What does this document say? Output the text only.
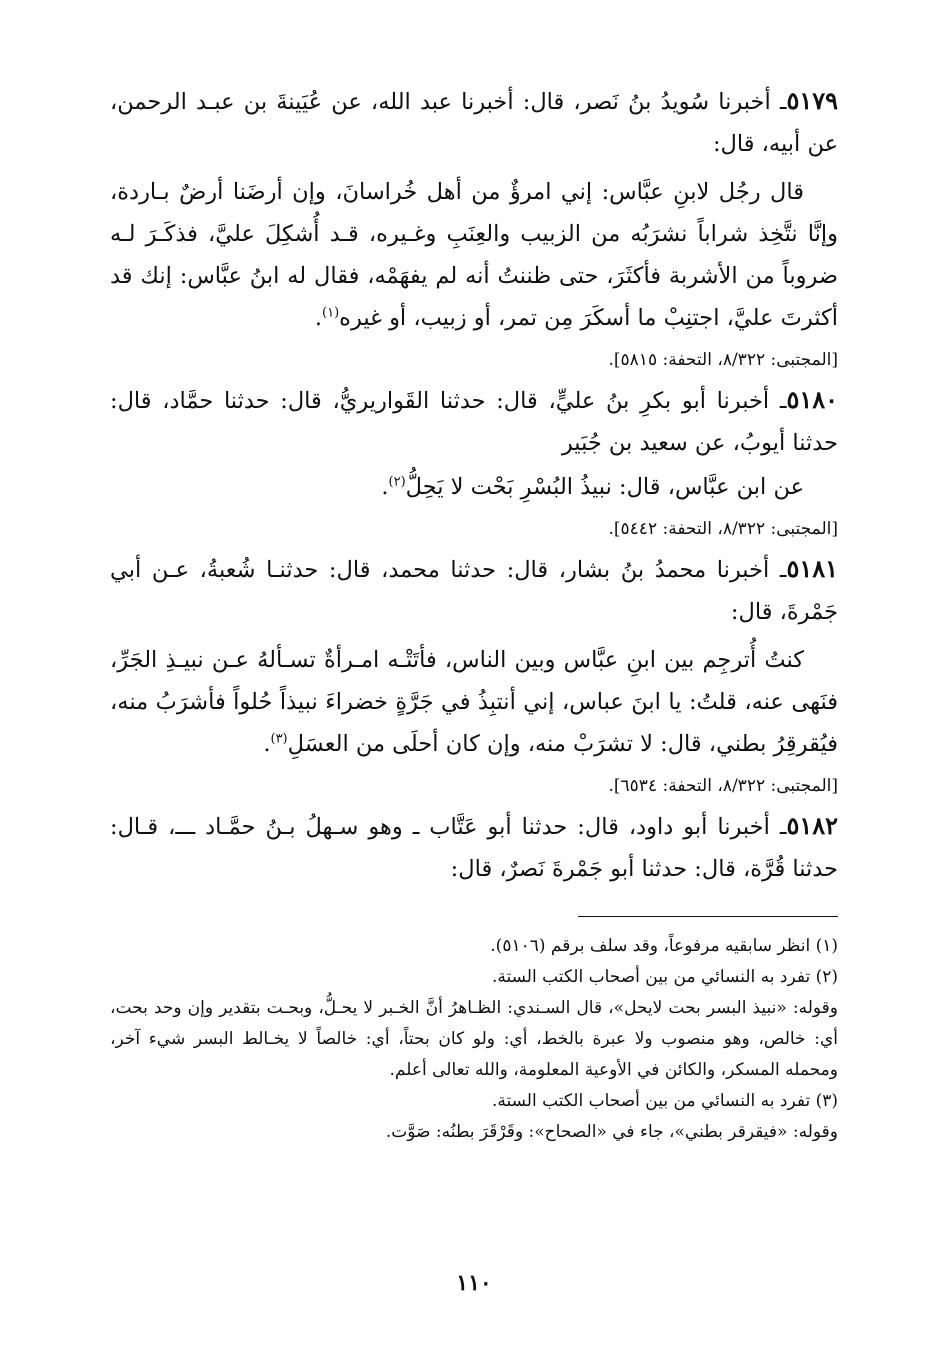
٥١٧٩ـ أخبرنا سُويدُ بنُ نَصر، قال: أخبرنا عبد الله، عن عُيَينةَ بن عبـد الرحمن، عن أبيه، قال:

قال رجُل لابنِ عبَّاس: إني امرؤٌ من أهل خُراسانَ، وإن أرضَنا أرضٌ بـاردة، وإنَّا نتَّخِذ شراباً نشرَبُه من الزبيب والعِنَبِ وغـيره، قـد أُشكِلَ عليَّ، فذكَـرَ لـه ضروباً من الأشربة فأكثَرَ، حتى ظننتُ أنه لم يفهَمْه، فقال له ابنُ عبَّاس: إنك قد أكثرتَ عليَّ، اجتنِبْ ما أسكَرَ مِن تمر، أو زبيب، أو غيره$^{(١)}$.

[المجتبى: ٨/٣٢٢، التحفة: ٥٨١٥].

٥١٨٠ـ أخبرنا أبو بكرِ بنُ عليٍّ، قال: حدثنا القَواريريُّ، قال: حدثنا حمَّاد، قال: حدثنا أيوبُ، عن سعيد بن جُبَير

عن ابن عبَّاس، قال: نبيذُ البُسْرِ بَحْت لا يَحِلُّ$^{(٢)}$.

[المجتبى: ٨/٣٢٢، التحفة: ٥٤٤٢].

٥١٨١ـ أخبرنا محمدُ بنُ بشار، قال: حدثنا محمد، قال: حدثنـا شُعبةُ، عـن أبي جَمْرةَ، قال:

كنتُ أُترجِم بين ابنِ عبَّاس وبين الناس، فأتَتْـه امـرأةٌ تسـألهُ عـن نبيـذِ الجَرِّ، فنَهى عنه، قلتُ: يا ابنَ عباس، إني أنتبِذُ في جَرَّةٍ خضراءَ نبيذاً حُلواً فأشرَبُ منه، فيُقرقِرُ بطني، قال: لا تشرَبْ منه، وإن كان أحلَى من العسَلِ$^{(٣)}$.

[المجتبى: ٨/٣٢٢، التحفة: ٦٥٣٤].

٥١٨٢ـ أخبرنا أبو داود، قال: حدثنا أبو عَتَّاب ـ وهو سـهلُ بـنُ حمَّـاد ـــ، قـال: حدثنا قُرَّة، قال: حدثنا أبو جَمْرةَ نَصرٌ، قال:

(١) انظر سابقيه مرفوعاً، وقد سلف برقم (٥١٠٦).

(٢) تفرد به النسائي من بين أصحاب الكتب الستة.

وقوله: «نبيذ البسر بحت لايحل»، قال السـندي: الظـاهرُ أنَّ الخـبر لا يحـلُّ، وبحـت بتقدير وإن وحد بحت، أي: خالص، وهو منصوب ولا عبرة بالخط، أي: ولو كان بحتاً، أي: خالصاً لا يخـالط البسر شيء آخر، ومحمله المسكر، والكائن في الأوعية المعلومة، والله تعالى أعلم.

(٣) تفرد به النسائي من بين أصحاب الكتب الستة.

وقوله: «فيقرقر بطني»، جاء في «الصحاح»: وقَرْقَرَ بطنُه: صَوَّت.

١١٠
